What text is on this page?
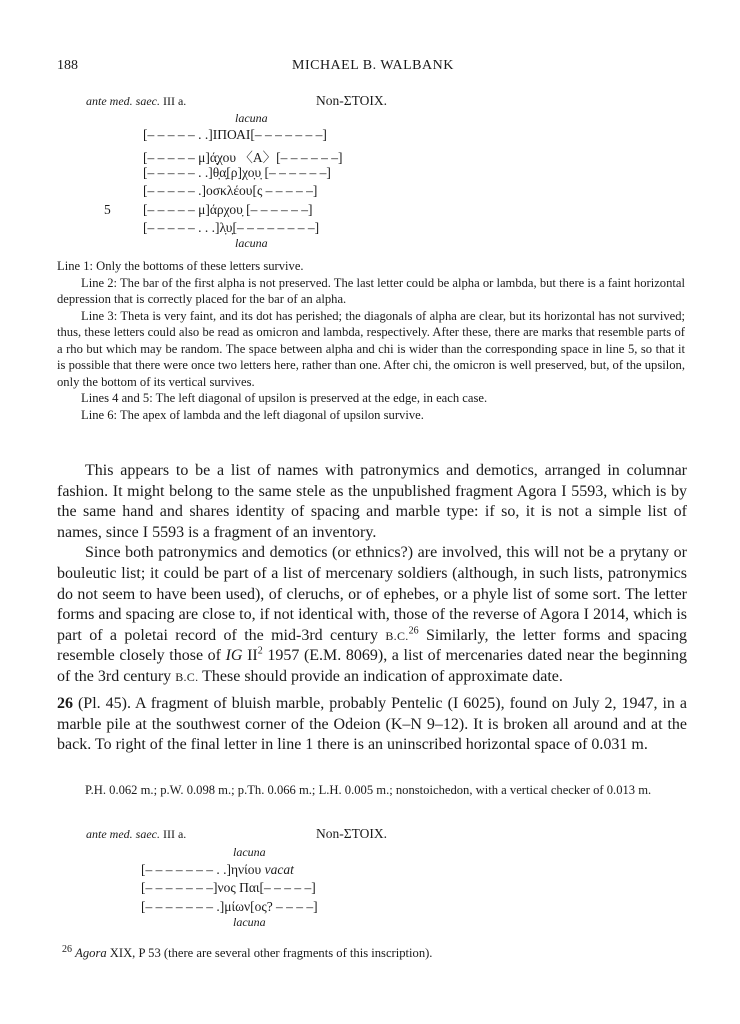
188	MICHAEL B. WALBANK
ante med. saec. III a.	Non-ΣΤΟΙΧ.
lacuna
[– – – – – . .]ΙΠΟΑΙ[– – – – – – –]
[– – – – – μ]ά̣χου 〈Α〉[– – – – – –]
[– – – – – . .]θ̣α̣[ρ]χο̣υ̣ [– – – – – –]
[– – – – – .]οσκλέου[ς – – – – –]
5 [– – – – – μ]άρχου̣ [– – – – – –]
[– – – – – . . .]λ̣υ̣[– – – – – – – –]
lacuna

Line 1: Only the bottoms of these letters survive.

Line 2: The bar of the first alpha is not preserved. The last letter could be alpha or lambda, but there is a faint horizontal depression that is correctly placed for the bar of an alpha.

Line 3: Theta is very faint, and its dot has perished; the diagonals of alpha are clear, but its horizontal has not survived; thus, these letters could also be read as omicron and lambda, respectively. After these, there are marks that resemble parts of a rho but which may be random. The space between alpha and chi is wider than the corresponding space in line 5, so that it is possible that there were once two letters here, rather than one. After chi, the omicron is well preserved, but, of the upsilon, only the bottom of its vertical survives.

Lines 4 and 5: The left diagonal of upsilon is preserved at the edge, in each case.

Line 6: The apex of lambda and the left diagonal of upsilon survive.

This appears to be a list of names with patronymics and demotics, arranged in columnar fashion. It might belong to the same stele as the unpublished fragment Agora I 5593, which is by the same hand and shares identity of spacing and marble type: if so, it is not a simple list of names, since I 5593 is a fragment of an inventory.

Since both patronymics and demotics (or ethnics?) are involved, this will not be a prytany or bouleutic list; it could be part of a list of mercenary soldiers (although, in such lists, patronymics do not seem to have been used), of cleruchs, or of ephebes, or a phyle list of some sort. The letter forms and spacing are close to, if not identical with, those of the reverse of Agora I 2014, which is part of a poletai record of the mid-3rd century B.C.$^{26}$ Similarly, the letter forms and spacing resemble closely those of IG $II^2$ 1957 (E.M. 8069), a list of mercenaries dated near the beginning of the 3rd century B.C. These should provide an indication of approximate date.

26 (Pl. 45). A fragment of bluish marble, probably Pentelic (I 6025), found on July 2, 1947, in a marble pile at the southwest corner of the Odeion (K–N 9–12). It is broken all around and at the back. To right of the final letter in line 1 there is an uninscribed horizontal space of 0.031 m.

P.H. 0.062 m.; p.W. 0.098 m.; p.Th. 0.066 m.; L.H. 0.005 m.; nonstoichedon, with a vertical checker of 0.013 m.
ante med. saec. III a.	Non-ΣΤΟΙΧ.
lacuna
[– – – – – – – . .]ηνίου vacat
[– – – – – – –]νος Παι[– – – – –]
[– – – – – – – .]μίων[ος? – – – –]
lacuna
$^{26}$ Agora XIX, P 53 (there are several other fragments of this inscription).
